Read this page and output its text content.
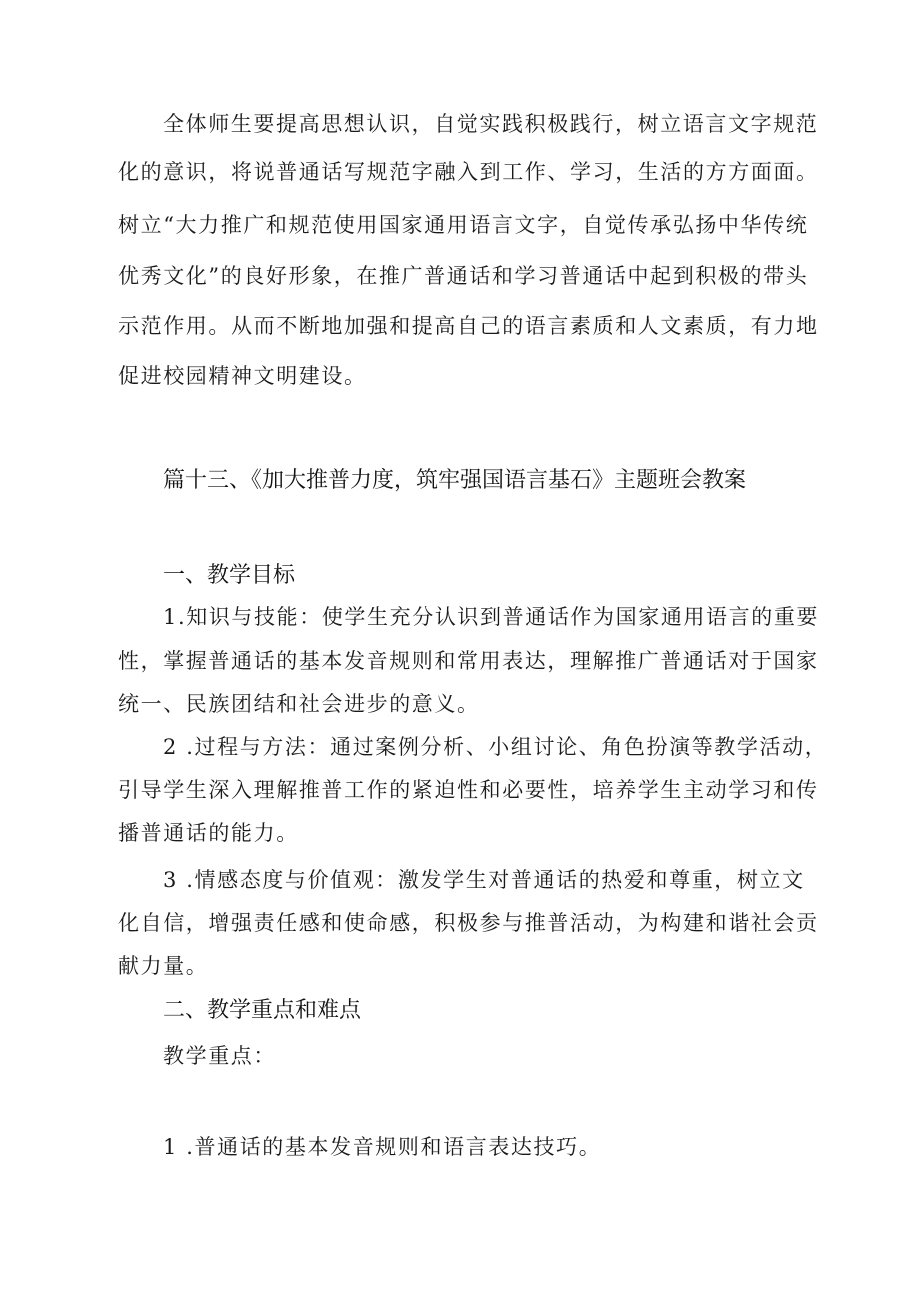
全体师生要提高思想认识，自觉实践积极践行，树立语言文字规范
化的意识，将说普通话写规范字融入到工作、学习，生活的方方面面。
树立“大力推广和规范使用国家通用语言文字，自觉传承弘扬中华传统
优秀文化”的良好形象，在推广普通话和学习普通话中起到积极的带头
示范作用。从而不断地加强和提高自己的语言素质和人文素质，有力地
促进校园精神文明建设。
篇十三、《加大推普力度，筑牢强国语言基石》主题班会教案
一、教学目标
1.知识与技能：使学生充分认识到普通话作为国家通用语言的重要
性，掌握普通话的基本发音规则和常用表达，理解推广普通话对于国家
统一、民族团结和社会进步的意义。
2 .过程与方法：通过案例分析、小组讨论、角色扮演等教学活动，
引导学生深入理解推普工作的紧迫性和必要性，培养学生主动学习和传
播普通话的能力。
3 .情感态度与价值观：激发学生对普通话的热爱和尊重，树立文
化自信，增强责任感和使命感，积极参与推普活动，为构建和谐社会贡
献力量。
二、教学重点和难点
教学重点：
1 .普通话的基本发音规则和语言表达技巧。
